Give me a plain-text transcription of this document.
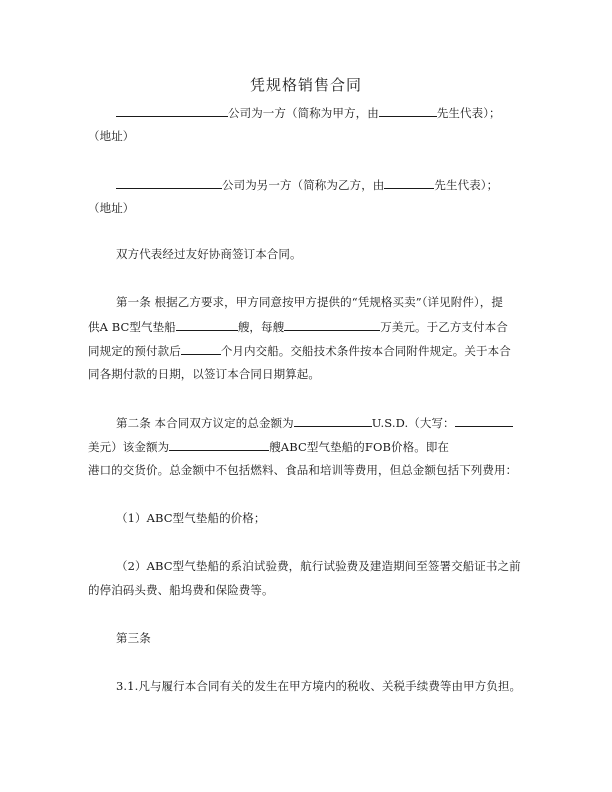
凭规格销售合同
公司为一方（简称为甲方，由	先生代表）；
（地址）
公司为另一方（简称为乙方，由	先生代表）；
（地址）
双方代表经过友好协商签订本合同。
第一条 根据乙方要求，甲方同意按甲方提供的“凭规格买卖”（详见附件），提
供A BC型气垫船	艘，每艘	万美元。于乙方支付本合
同规定的预付款后	个月内交船。交船技术条件按本合同附件规定。关于本合
同各期付款的日期，以签订本合同日期算起。
第二条 本合同双方议定的总金额为	U.S.D.（大写：
美元）该金额为	艘ABC型气垫船的FOB价格。即在
港口的交货价。总金额中不包括燃料、食品和培训等费用，但总金额包括下列费用：
（1）ABC型气垫船的价格；
（2）ABC型气垫船的系泊试验费，航行试验费及建造期间至签署交船证书之前
的停泊码头费、船坞费和保险费等。
第三条
3.1.凡与履行本合同有关的发生在甲方境内的税收、关税手续费等由甲方负担。
